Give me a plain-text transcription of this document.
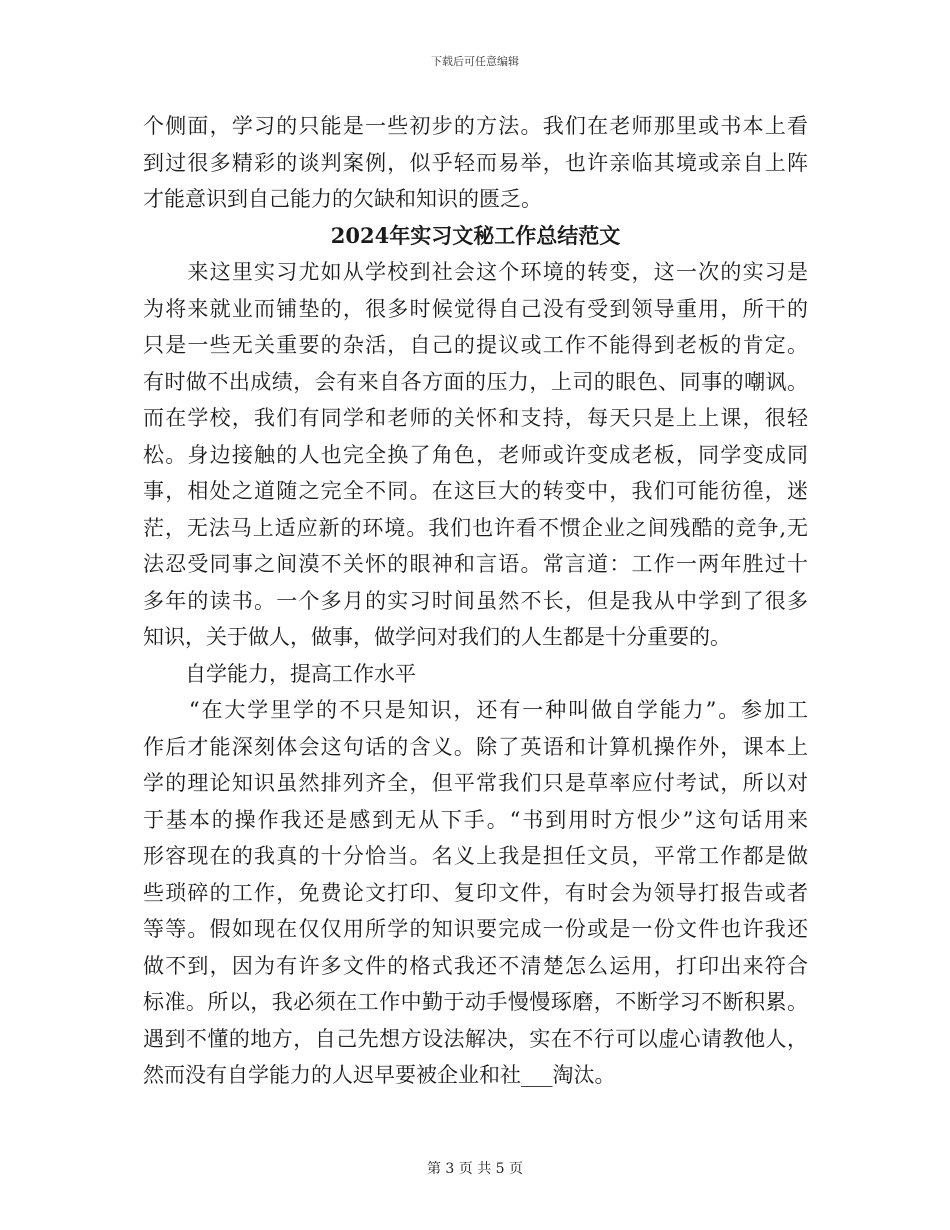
下载后可任意编辑
个侧面，学习的只能是一些初步的方法。我们在老师那里或书本上看
到过很多精彩的谈判案例，似乎轻而易举，也许亲临其境或亲自上阵
才能意识到自己能力的欠缺和知识的匮乏。
2024年实习文秘工作总结范文
　　来这里实习尤如从学校到社会这个环境的转变，这一次的实习是
为将来就业而铺垫的，很多时候觉得自己没有受到领导重用，所干的
只是一些无关重要的杂活，自己的提议或工作不能得到老板的肯定。
有时做不出成绩，会有来自各方面的压力，上司的眼色、同事的嘲讽。
而在学校，我们有同学和老师的关怀和支持，每天只是上上课，很轻
松。身边接触的人也完全换了角色，老师或许变成老板，同学变成同
事，相处之道随之完全不同。在这巨大的转变中，我们可能彷徨，迷
茫，无法马上适应新的环境。我们也许看不惯企业之间残酷的竞争,无
法忍受同事之间漠不关怀的眼神和言语。常言道：工作一两年胜过十
多年的读书。一个多月的实习时间虽然不长，但是我从中学到了很多
知识，关于做人，做事，做学问对我们的人生都是十分重要的。
　　自学能力，提高工作水平
　　“在大学里学的不只是知识，还有一种叫做自学能力”。参加工
作后才能深刻体会这句话的含义。除了英语和计算机操作外，课本上
学的理论知识虽然排列齐全，但平常我们只是草率应付考试，所以对
于基本的操作我还是感到无从下手。“书到用时方恨少”这句话用来
形容现在的我真的十分恰当。名义上我是担任文员，平常工作都是做
些琐碎的工作，免费论文打印、复印文件，有时会为领导打报告或者
等等。假如现在仅仅用所学的知识要完成一份或是一份文件也许我还
做不到，因为有许多文件的格式我还不清楚怎么运用，打印出来符合
标准。所以，我必须在工作中勤于动手慢慢琢磨，不断学习不断积累。
遇到不懂的地方，自己先想方设法解决，实在不行可以虚心请教他人，
然而没有自学能力的人迟早要被企业和社___淘汰。
第 3 页 共 5 页
